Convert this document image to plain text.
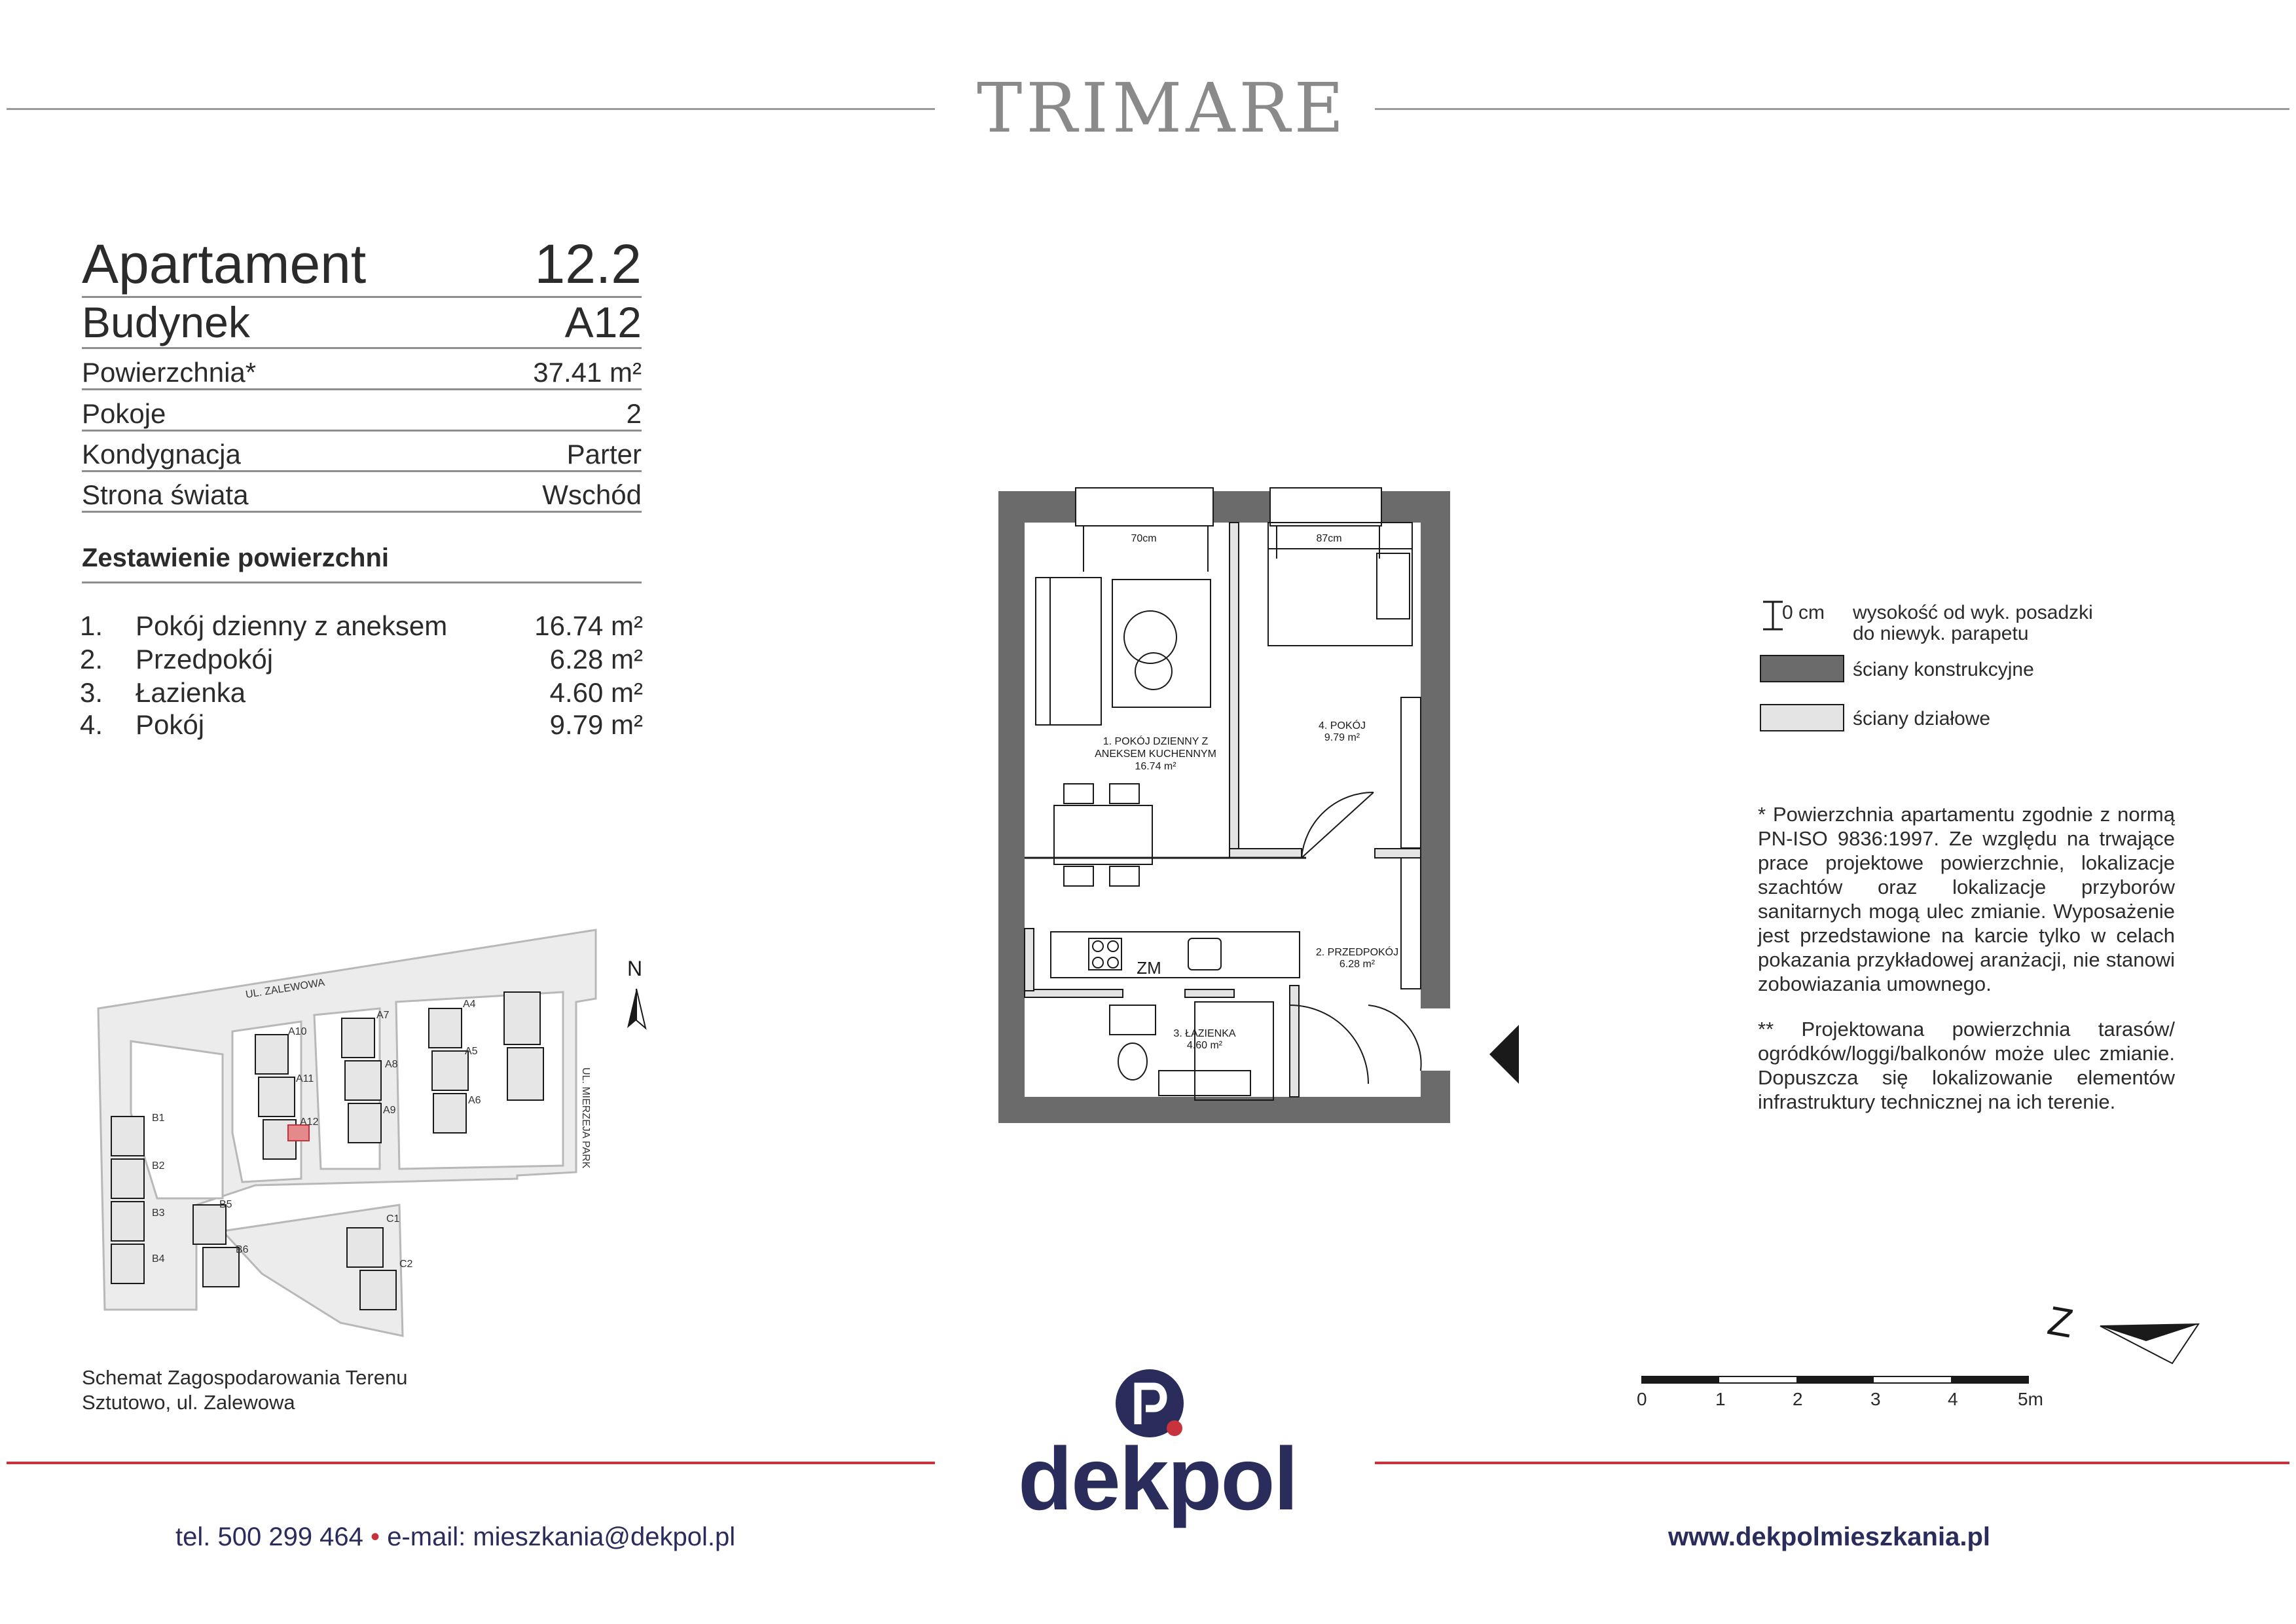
TRIMARE
Apartament	12.2
Budynek	A12
Powierzchnia*	37.41 m²
Pokoje	2
Kondygnacja	Parter
Strona świata	Wschód
Zestawienie powierzchni
1.	Pokój dzienny z aneksem	16.74 m²
2.	Przedpokój	6.28 m²
3.	Łazienka	4.60 m²
4.	Pokój	9.79 m²
UL. ZALEWOWA
UL. MIERZEJA PARK
A10
A11
A12
A7
A8
A9
A4
A5
A6
B1
B2
B3
B4
B5
B6
C1
C2
N
Schemat Zagospodarowania Terenu
Sztutowo, ul. Zalewowa
1. POKÓJ DZIENNY Z
ANEKSEM KUCHENNYM
16.74 m²
4. POKÓJ
9.79 m²
2. PRZEDPOKÓJ
6.28 m²
3. ŁAZIENKA
4.60 m²
70cm	87cm
ZM
0 cm wysokość od wyk. posadzki
do niewyk. parapetu
ściany konstrukcyjne
ściany działowe

* Powierzchnia apartamentu zgodnie z normą PN-ISO 9836:1997. Ze względu na trwające prace projektowe powierzchnie, lokalizacje szachtów oraz lokalizacje przyborów sanitarnych mogą ulec zmianie. Wyposażenie jest przedstawione na karcie tylko w celach pokazania przykładowej aranżacji, nie stanowi zobowiazania umownego.

** Projektowana powierzchnia tarasów/ ogródków/loggi/balkonów może ulec zmianie. Dopuszcza się lokalizowanie elementów infrastruktury technicznej na ich terenie.

Z
0	1	2	3	4	5m
dekpol
tel. 500 299 464 • e-mail: mieszkania@dekpol.pl	www.dekpolmieszkania.pl
